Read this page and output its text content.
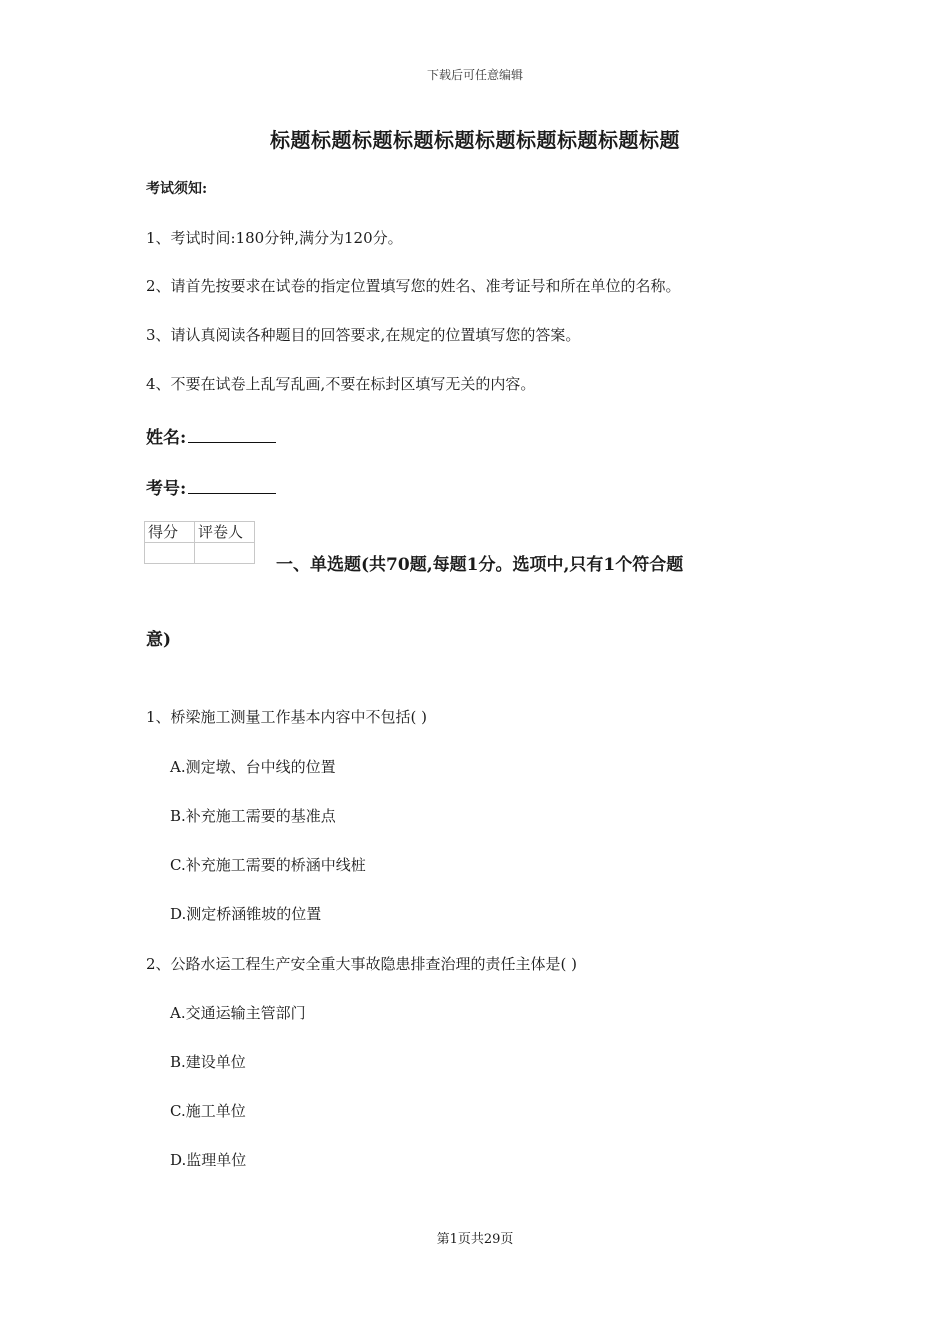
下载后可任意编辑
标题标题标题标题标题标题标题标题标题标题
考试须知:
1、考试时间:180分钟,满分为120分。
2、请首先按要求在试卷的指定位置填写您的姓名、准考证号和所在单位的名称。
3、请认真阅读各种题目的回答要求,在规定的位置填写您的答案。
4、不要在试卷上乱写乱画,不要在标封区填写无关的内容。
姓名:
考号:
得分	评卷人

一、单选题(共70题,每题1分。选项中,只有1个符合题
意)
1、桥梁施工测量工作基本内容中不包括( )
A.测定墩、台中线的位置
B.补充施工需要的基准点
C.补充施工需要的桥涵中线桩
D.测定桥涵锥坡的位置
2、公路水运工程生产安全重大事故隐患排查治理的责任主体是( )
A.交通运输主管部门
B.建设单位
C.施工单位
D.监理单位
第1页共29页
